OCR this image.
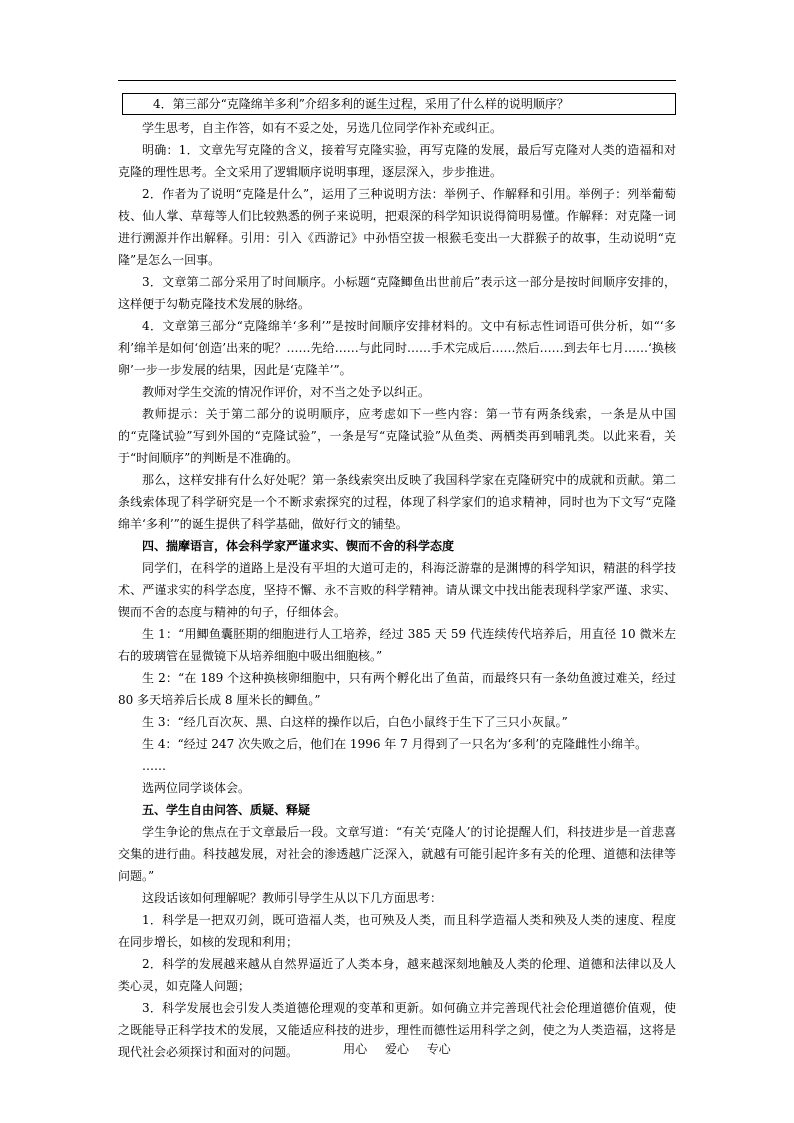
4．第三部分“克隆绵羊多利”介绍多利的诞生过程，采用了什么样的说明顺序？

学生思考，自主作答，如有不妥之处，另选几位同学作补充或纠正。

明确：1．文章先写克隆的含义，接着写克隆实验，再写克隆的发展，最后写克隆对人类的造福和对克隆的理性思考。全文采用了逻辑顺序说明事理，逐层深入，步步推进。

2．作者为了说明“克隆是什么”，运用了三种说明方法：举例子、作解释和引用。举例子：列举葡萄枝、仙人掌、草莓等人们比较熟悉的例子来说明，把艰深的科学知识说得简明易懂。作解释：对克隆一词进行溯源并作出解释。引用：引入《西游记》中孙悟空拔一根猴毛变出一大群猴子的故事，生动说明“克隆”是怎么一回事。

3．文章第二部分采用了时间顺序。小标题“克隆鲫鱼出世前后”表示这一部分是按时间顺序安排的，这样便于勾勒克隆技术发展的脉络。

4．文章第三部分“克隆绵羊‘多利’”是按时间顺序安排材料的。文中有标志性词语可供分析，如“‘多利’绵羊是如何‘创造’出来的呢？……先给……与此同时……手术完成后……然后……到去年七月……‘换核卵’一步一步发展的结果，因此是‘克隆羊’”。

教师对学生交流的情况作评价，对不当之处予以纠正。

教师提示：关于第二部分的说明顺序，应考虑如下一些内容：第一节有两条线索，一条是从中国的“克隆试验”写到外国的“克隆试验”，一条是写“克隆试验”从鱼类、两栖类再到哺乳类。以此来看，关于“时间顺序”的判断是不准确的。

那么，这样安排有什么好处呢？第一条线索突出反映了我国科学家在克隆研究中的成就和贡献。第二条线索体现了科学研究是一个不断求索探究的过程，体现了科学家们的追求精神，同时也为下文写“克隆绵羊‘多利’”的诞生提供了科学基础，做好行文的铺垫。

四、揣摩语言，体会科学家严谨求实、锲而不舍的科学态度

同学们，在科学的道路上是没有平坦的大道可走的，科海泛游靠的是渊博的科学知识，精湛的科学技术、严谨求实的科学态度，坚持不懈、永不言败的科学精神。请从课文中找出能表现科学家严谨、求实、锲而不舍的态度与精神的句子，仔细体会。

生 1：“用鲫鱼囊胚期的细胞进行人工培养，经过 385 天 59 代连续传代培养后，用直径 10 微米左右的玻璃管在显微镜下从培养细胞中吸出细胞核。”

生 2：“在 189 个这种换核卵细胞中，只有两个孵化出了鱼苗，而最终只有一条幼鱼渡过难关，经过 80 多天培养后长成 8 厘米长的鲫鱼。”

生 3：“经几百次灰、黑、白这样的操作以后，白色小鼠终于生下了三只小灰鼠。”

生 4：“经过 247 次失败之后，他们在 1996 年 7 月得到了一只名为‘多利’的克隆雌性小绵羊。

……

选两位同学谈体会。

五、学生自由问答、质疑、释疑

学生争论的焦点在于文章最后一段。文章写道：“有关‘克隆人’的讨论提醒人们，科技进步是一首悲喜交集的进行曲。科技越发展，对社会的渗透越广泛深入，就越有可能引起许多有关的伦理、道德和法律等问题。”

这段话该如何理解呢？教师引导学生从以下几方面思考：

1．科学是一把双刃剑，既可造福人类，也可殃及人类，而且科学造福人类和殃及人类的速度、程度在同步增长，如核的发现和利用；

2．科学的发展越来越从自然界逼近了人类本身，越来越深刻地触及人类的伦理、道德和法律以及人类心灵，如克隆人问题；

3．科学发展也会引发人类道德伦理观的变革和更新。如何确立并完善现代社会伦理道德价值观，使之既能导正科学技术的发展，又能适应科技的进步，理性而德性运用科学之剑，使之为人类造福，这将是现代社会必须探讨和面对的问题。	用心 爱心 专心
